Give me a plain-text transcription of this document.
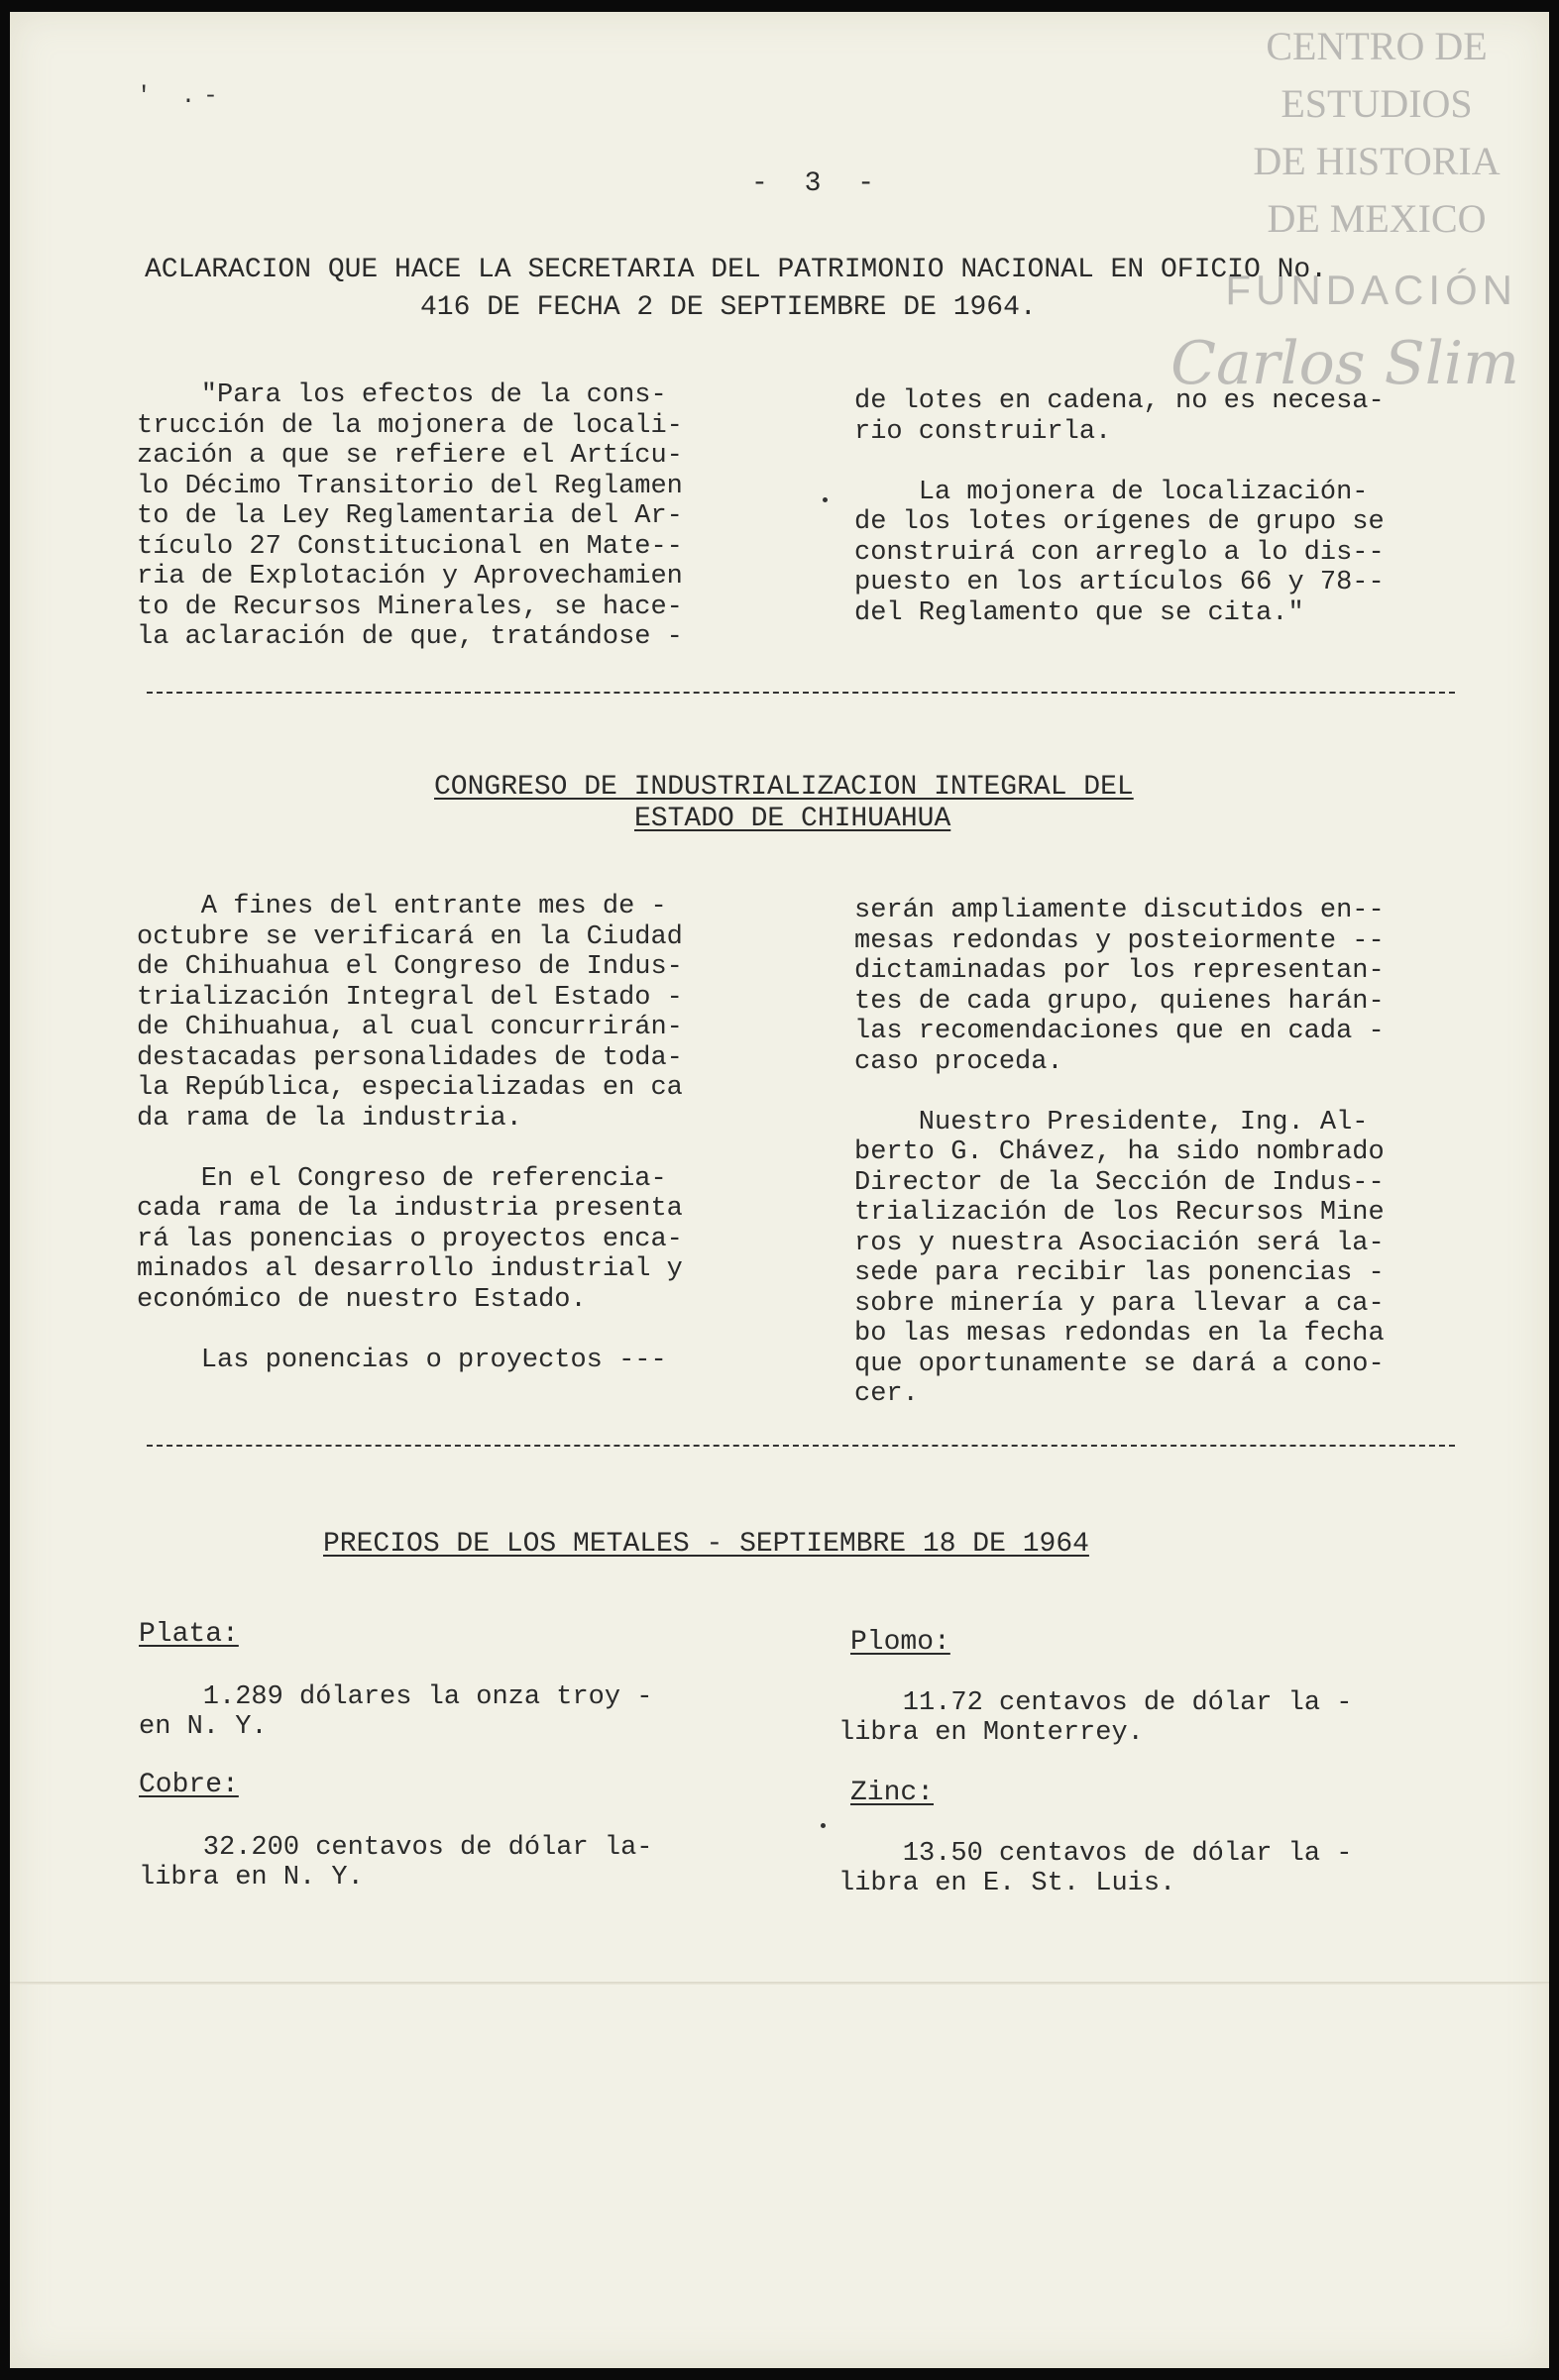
CENTRO DE
ESTUDIOS
DE HISTORIA
DE MEXICO
FUNDACIÓN
Carlos Slim
' .-
- 3 -
ACLARACION QUE HACE LA SECRETARIA DEL PATRIMONIO NACIONAL EN OFICIO No.
416 DE FECHA 2 DE SEPTIEMBRE DE 1964.
"Para los efectos de la cons-
trucción de la mojonera de locali-
zación a que se refiere el Artícu-
lo Décimo Transitorio del Reglamen
to de la Ley Reglamentaria del Ar-
tículo 27 Constitucional en Mate--
ria de Explotación y Aprovechamien
to de Recursos Minerales, se hace-
la aclaración de que, tratándose -
de lotes en cadena, no es necesa-
rio construirla.

La mojonera de localización-
de los lotes orígenes de grupo se
construirá con arreglo a lo dis--
puesto en los artículos 66 y 78--
del Reglamento que se cita."
CONGRESO DE INDUSTRIALIZACION INTEGRAL DEL
ESTADO DE CHIHUAHUA
A fines del entrante mes de -
octubre se verificará en la Ciudad
de Chihuahua el Congreso de Indus-
trialización Integral del Estado -
de Chihuahua, al cual concurrirán-
destacadas personalidades de toda-
la República, especializadas en ca
da rama de la industria.

En el Congreso de referencia-
cada rama de la industria presenta
rá las ponencias o proyectos enca-
minados al desarrollo industrial y
económico de nuestro Estado.

Las ponencias o proyectos ---
serán ampliamente discutidos en--
mesas redondas y posteiormente --
dictaminadas por los representan-
tes de cada grupo, quienes harán-
las recomendaciones que en cada -
caso proceda.

Nuestro Presidente, Ing. Al-
berto G. Chávez, ha sido nombrado
Director de la Sección de Indus--
trialización de los Recursos Mine
ros y nuestra Asociación será la-
sede para recibir las ponencias -
sobre minería y para llevar a ca-
bo las mesas redondas en la fecha
que oportunamente se dará a cono-
cer.
PRECIOS DE LOS METALES - SEPTIEMBRE 18 DE 1964
Plata:
1.289 dólares la onza troy -
en N. Y.
Cobre:
32.200 centavos de dólar la-
libra en N. Y.
Plomo:
11.72 centavos de dólar la -
libra en Monterrey.
Zinc:
13.50 centavos de dólar la -
libra en E. St. Luis.
